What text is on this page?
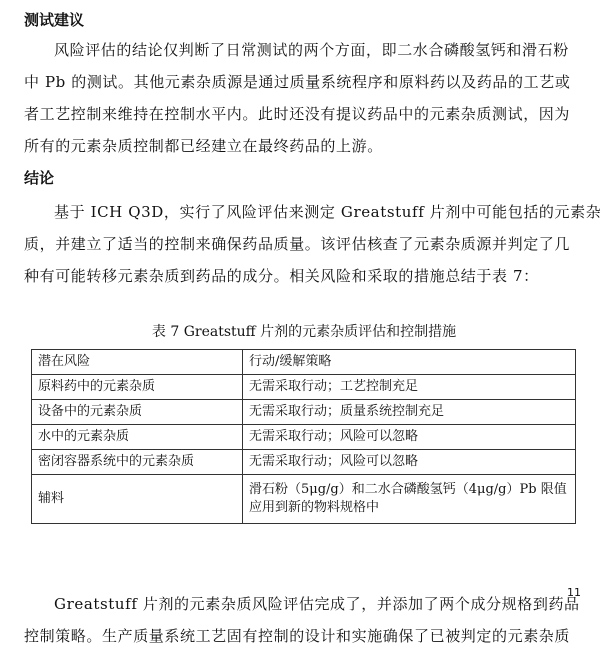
测试建议

风险评估的结论仅判断了日常测试的两个方面，即二水合磷酸氢钙和滑石粉
中 Pb 的测试。其他元素杂质源是通过质量系统程序和原料药以及药品的工艺或
者工艺控制来维持在控制水平内。此时还没有提议药品中的元素杂质测试，因为
所有的元素杂质控制都已经建立在最终药品的上游。

结论

基于 ICH Q3D，实行了风险评估来测定 Greatstuff 片剂中可能包括的元素杂
质，并建立了适当的控制来确保药品质量。该评估核查了元素杂质源并判定了几
种有可能转移元素杂质到药品的成分。相关风险和采取的措施总结于表 7：

表 7 Greatstuff 片剂的元素杂质评估和控制措施
潜在风险	行动/缓解策略
原料药中的元素杂质	无需采取行动；工艺控制充足
设备中的元素杂质	无需采取行动；质量系统控制充足
水中的元素杂质	无需采取行动；风险可以忽略
密闭容器系统中的元素杂质	无需采取行动；风险可以忽略
辅料	滑石粉（5μg/g）和二水合磷酸氢钙（4μg/g）Pb 限值应用到新的物料规格中
11

Greatstuff 片剂的元素杂质风险评估完成了，并添加了两个成分规格到药品
控制策略。生产质量系统工艺固有控制的设计和实施确保了已被判定的元素杂质
